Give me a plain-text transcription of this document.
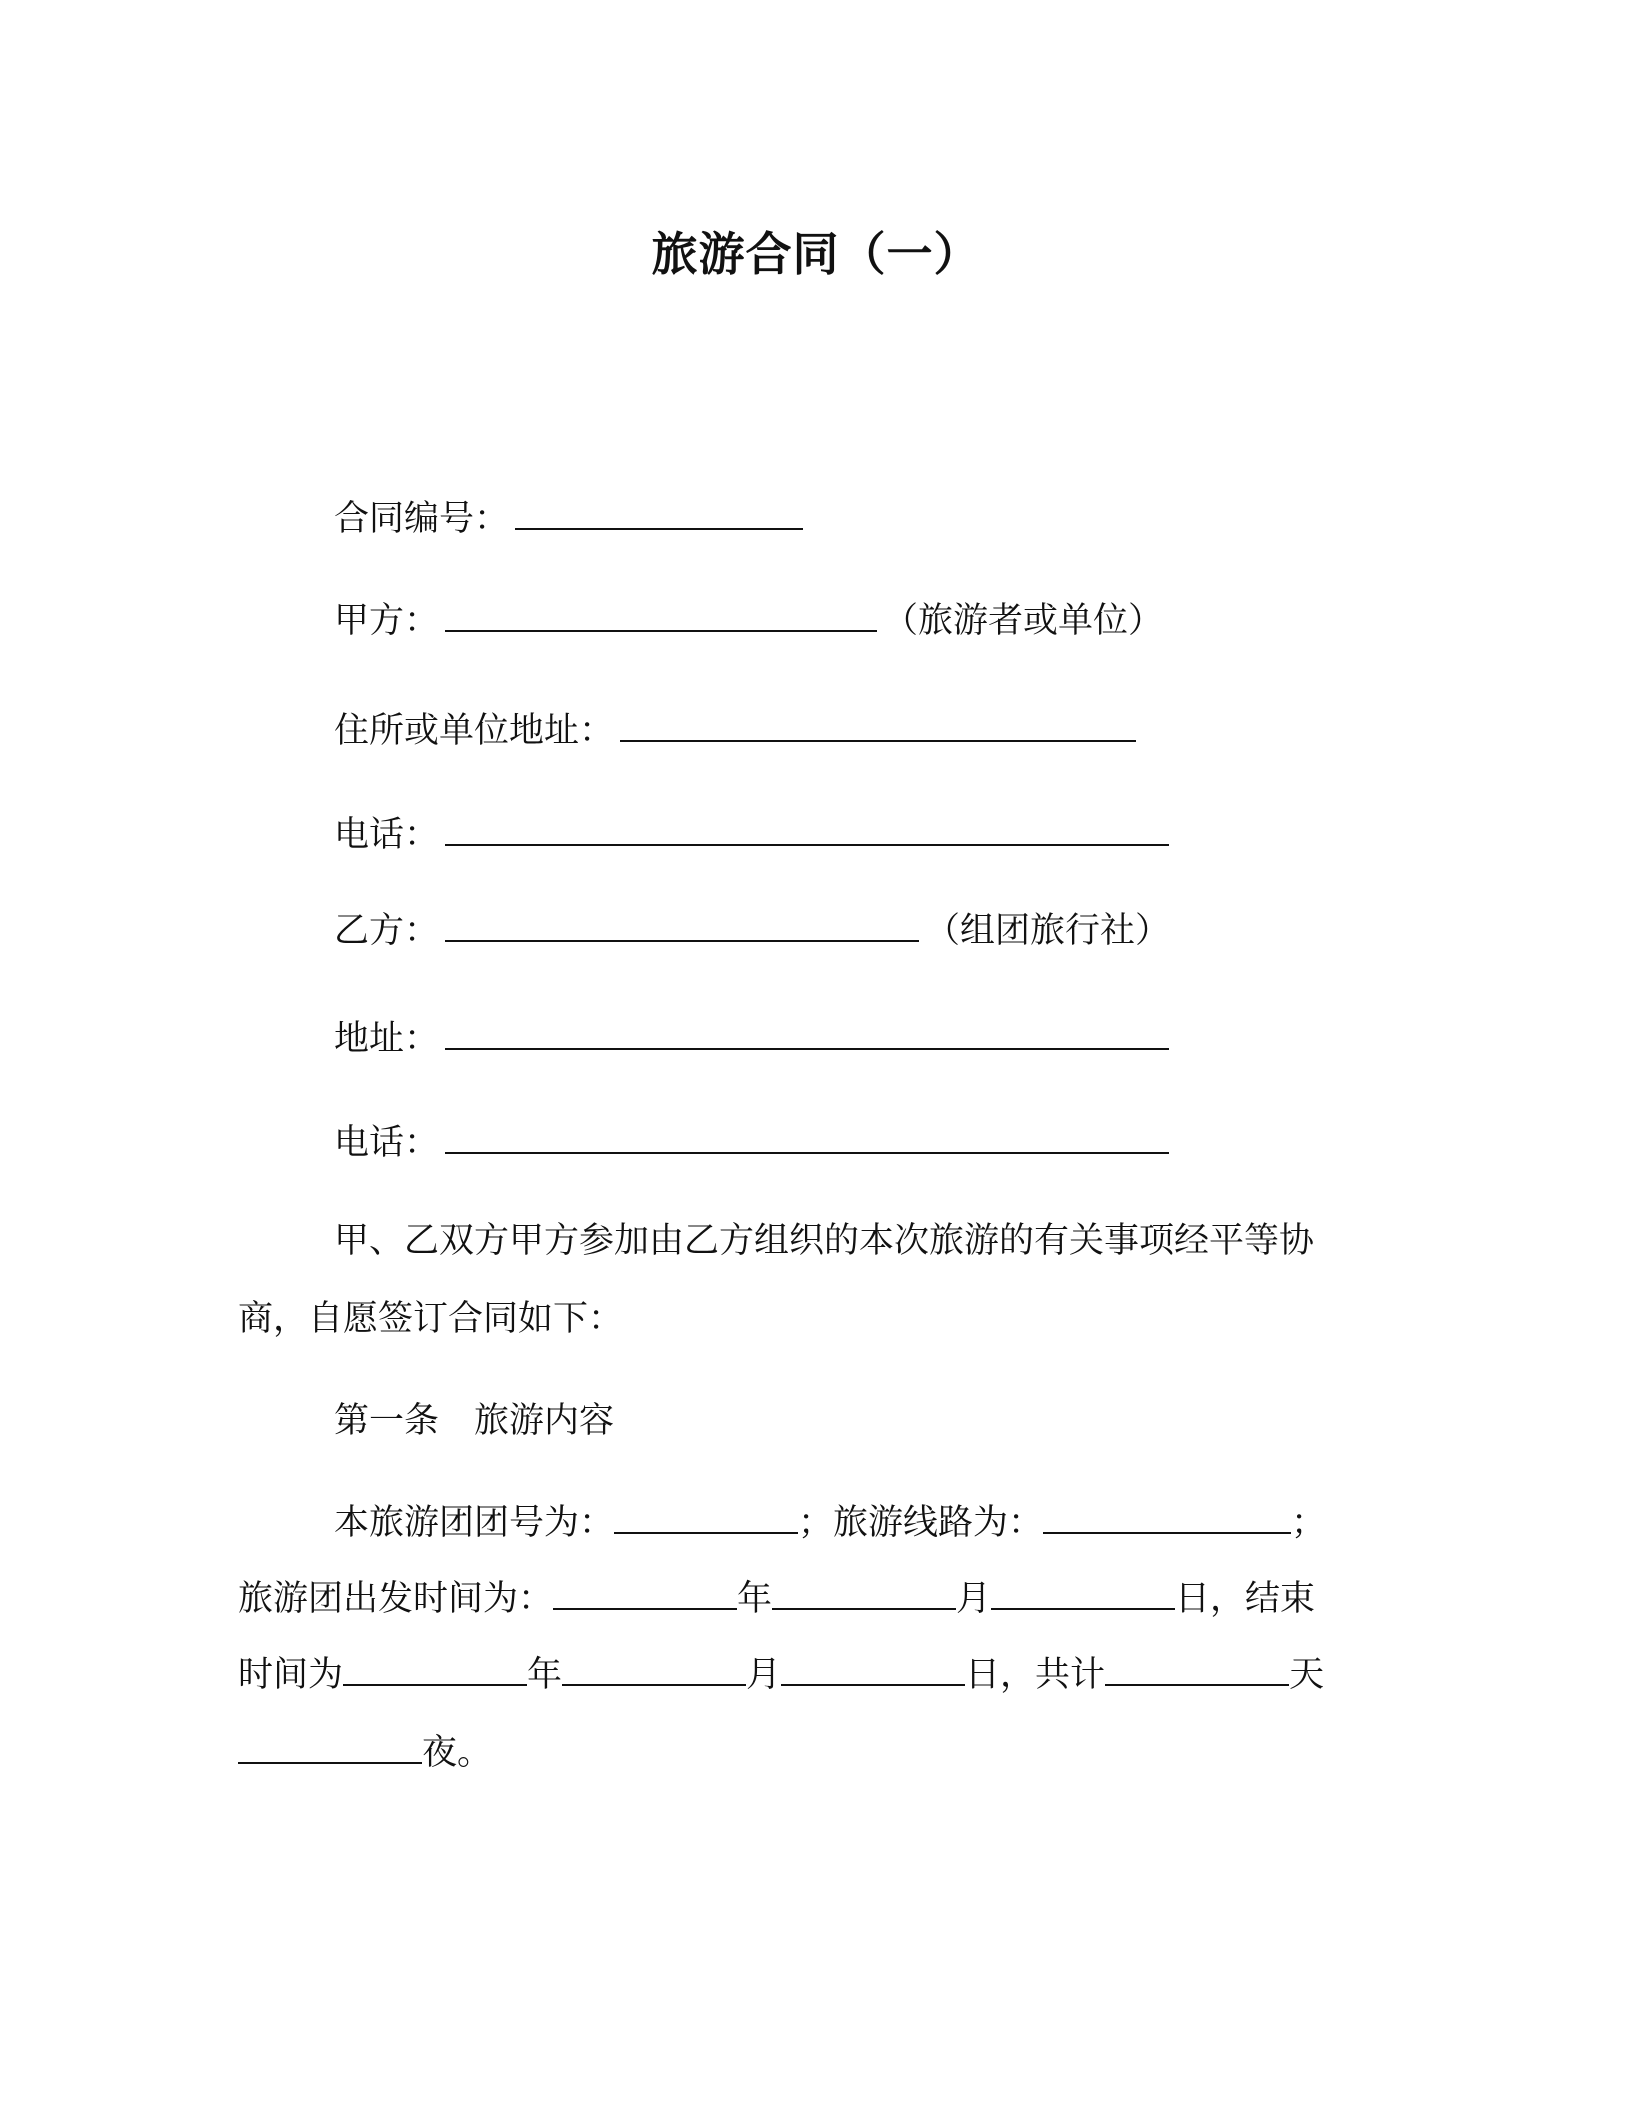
旅游合同（一）
合同编号：
甲方：	（旅游者或单位）
住所或单位地址：
电话：
乙方：	（组团旅行社）
地址：
电话：
甲、乙双方甲方参加由乙方组织的本次旅游的有关事项经平等协
商，自愿签订合同如下：
第一条　旅游内容
本旅游团团号为：	；旅游线路为：	；
旅游团出发时间为：	年	月	日，结束
时间为	年	月	日，共计	天
夜。
